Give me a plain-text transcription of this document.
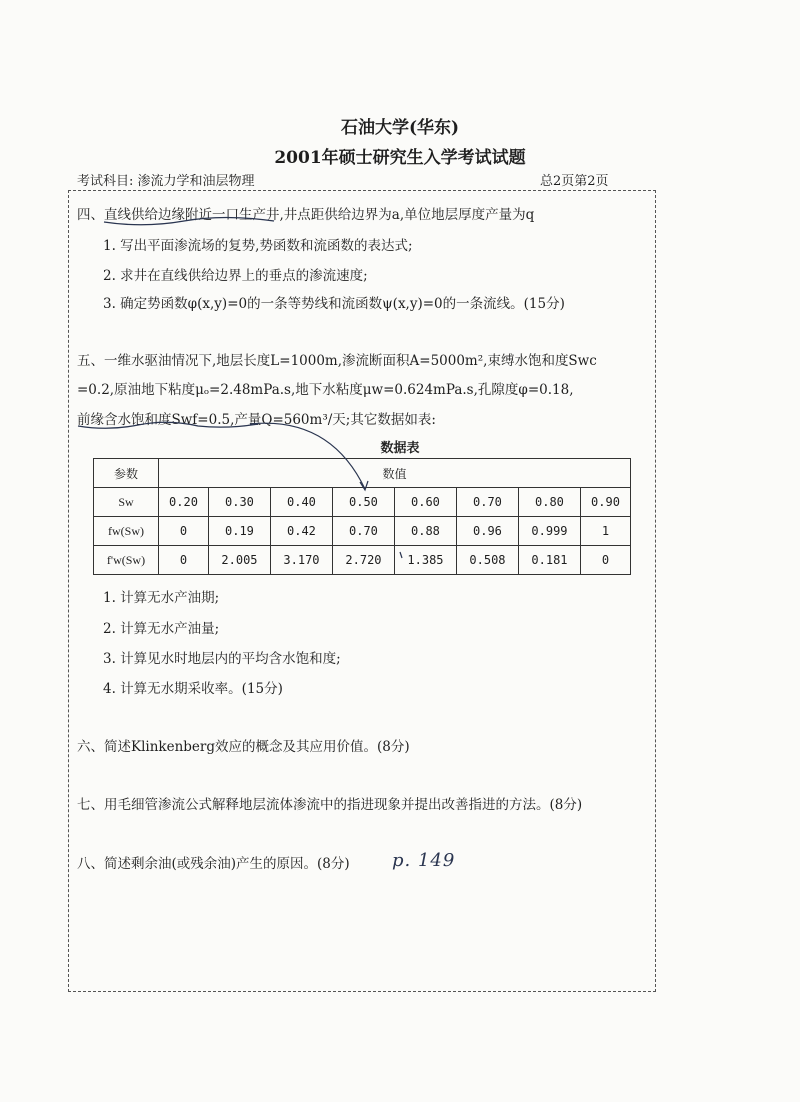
石油大学(华东)
2001年硕士研究生入学考试试题
考试科目: 渗流力学和油层物理	总2页第2页
四、直线供给边缘附近一口生产井,井点距供给边界为a,单位地层厚度产量为q
1. 写出平面渗流场的复势,势函数和流函数的表达式;
2. 求井在直线供给边界上的垂点的渗流速度;
3. 确定势函数φ(x,y)=0的一条等势线和流函数ψ(x,y)=0的一条流线。(15分)
五、一维水驱油情况下,地层长度L=1000m,渗流断面积A=5000m²,束缚水饱和度Swc
=0.2,原油地下粘度μₒ=2.48mPa.s,地下水粘度μw=0.624mPa.s,孔隙度φ=0.18,
前缘含水饱和度Swf=0.5,产量Q=560m³/天;其它数据如表:
数据表
参数	数值							
Sw	0.20	0.30	0.40	0.50	0.60	0.70	0.80	0.90
fw(Sw)	0	0.19	0.42	0.70	0.88	0.96	0.999	1
f'w(Sw)	0	2.005	3.170	2.720	1.385	0.508	0.181	0
1. 计算无水产油期;
2. 计算无水产油量;
3. 计算见水时地层内的平均含水饱和度;
4. 计算无水期采收率。(15分)
六、简述Klinkenberg效应的概念及其应用价值。(8分)
七、用毛细管渗流公式解释地层流体渗流中的指进现象并提出改善指进的方法。(8分)
八、简述剩余油(或残余油)产生的原因。(8分) p. 149
